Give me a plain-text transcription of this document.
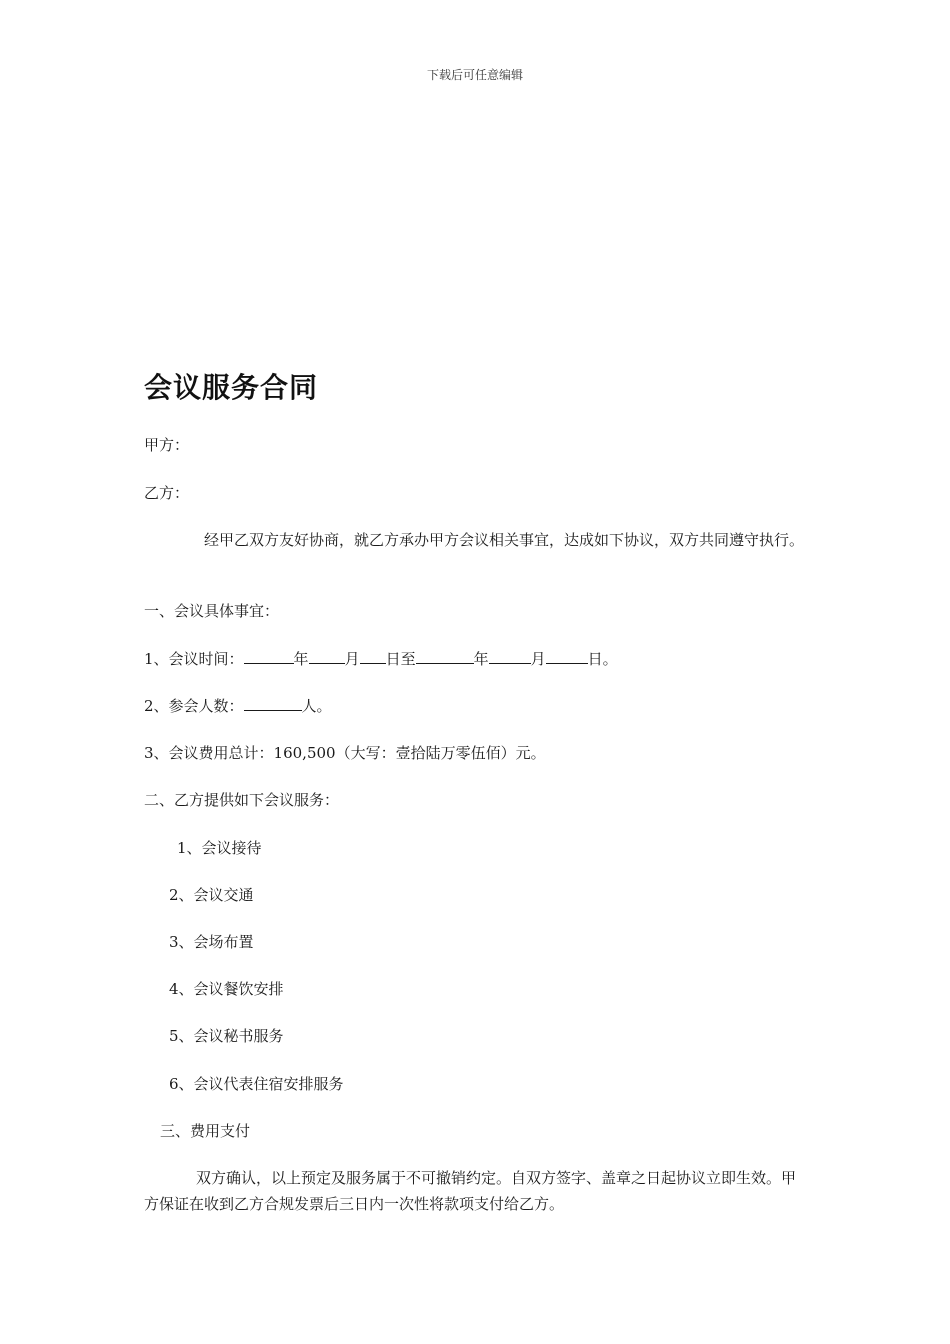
下载后可任意编辑
会议服务合同
甲方：
乙方：
经甲乙双方友好协商，就乙方承办甲方会议相关事宜，达成如下协议，双方共同遵守执行。
一、会议具体事宜：
1、会议时间：	年 月 日至	年	月	日。
2、参会人数：	人。
3、会议费用总计：160,500（大写：壹拾陆万零伍佰）元。
二、乙方提供如下会议服务：
1、会议接待
2、会议交通
3、会场布置
4、会议餐饮安排
5、会议秘书服务
6、会议代表住宿安排服务
三、费用支付
双方确认，以上预定及服务属于不可撤销约定。自双方签字、盖章之日起协议立即生效。甲方保证在收到乙方合规发票后三日内一次性将款项支付给乙方。
